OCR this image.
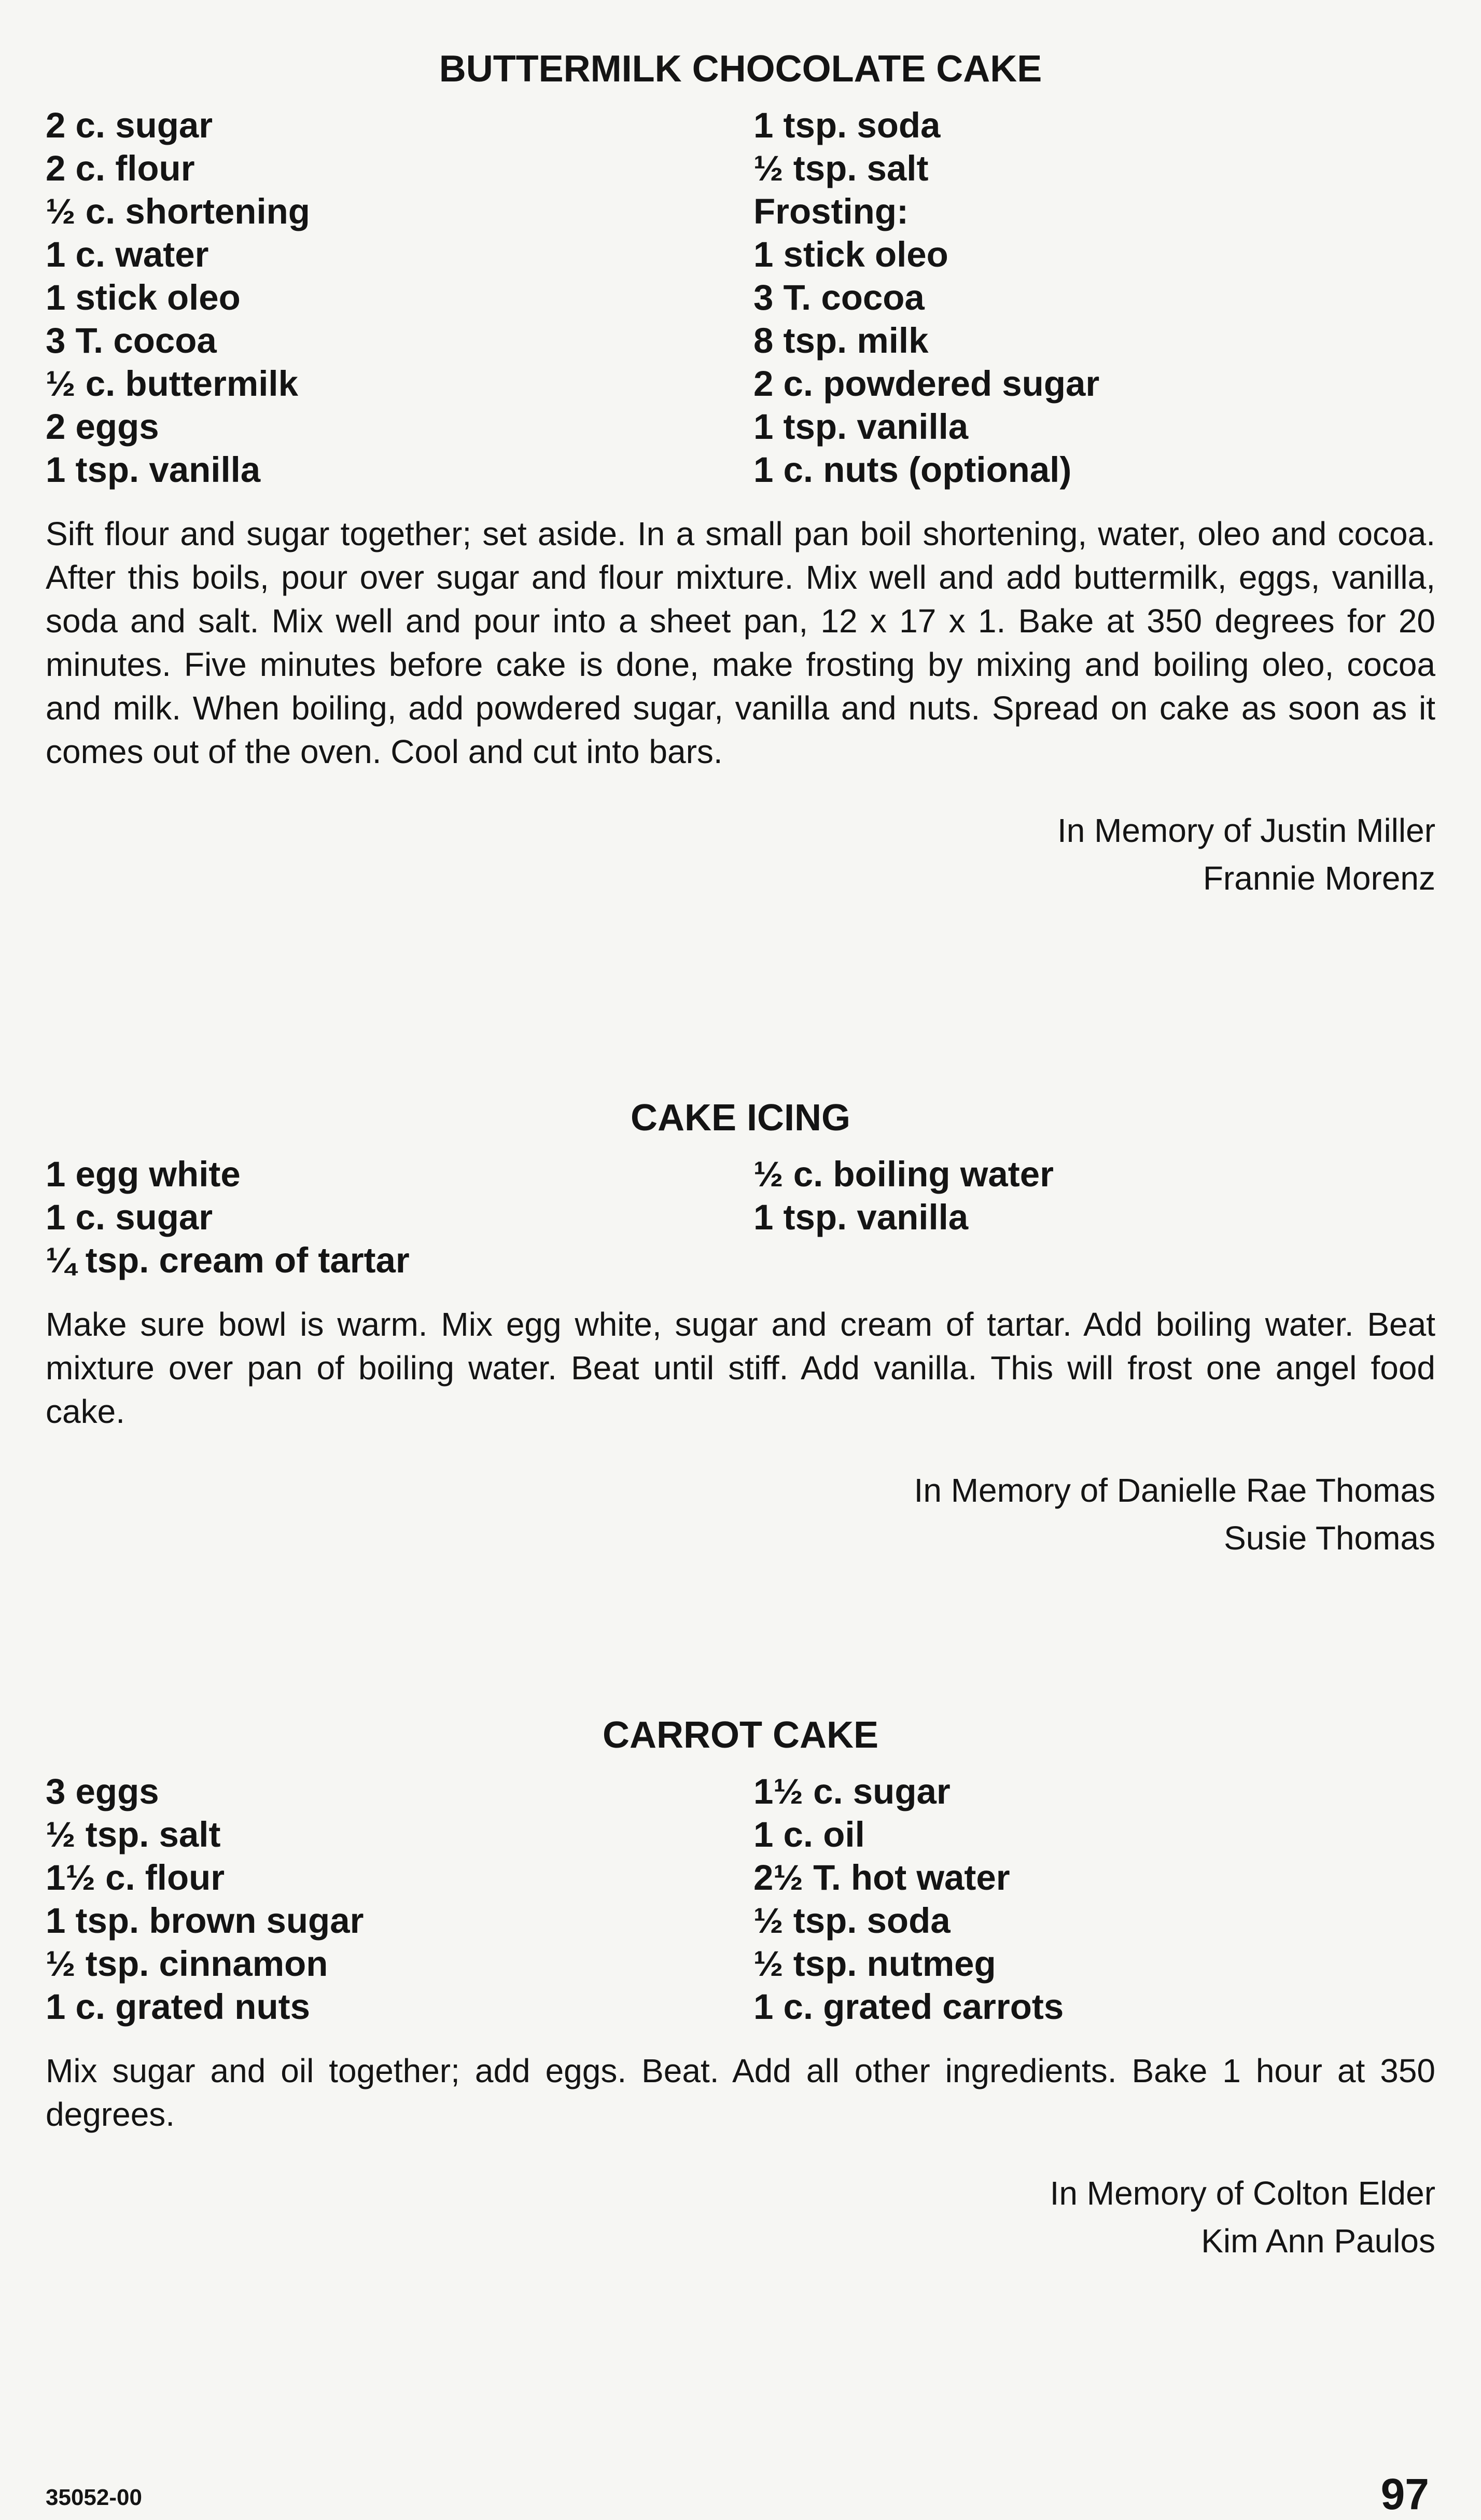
BUTTERMILK CHOCOLATE CAKE
2 c. sugar
2 c. flour
½ c. shortening
1 c. water
1 stick oleo
3 T. cocoa
½ c. buttermilk
2 eggs
1 tsp. vanilla
1 tsp. soda
½ tsp. salt
Frosting:
1 stick oleo
3 T. cocoa
8 tsp. milk
2 c. powdered sugar
1 tsp. vanilla
1 c. nuts (optional)

Sift flour and sugar together; set aside. In a small pan boil shortening, water, oleo and cocoa. After this boils, pour over sugar and flour mixture. Mix well and add buttermilk, eggs, vanilla, soda and salt. Mix well and pour into a sheet pan, 12 x 17 x 1. Bake at 350 degrees for 20 minutes. Five minutes before cake is done, make frosting by mixing and boiling oleo, cocoa and milk. When boiling, add powdered sugar, vanilla and nuts. Spread on cake as soon as it comes out of the oven. Cool and cut into bars.

In Memory of Justin Miller
Frannie Morenz
CAKE ICING
1 egg white
1 c. sugar
¼ tsp. cream of tartar
½ c. boiling water
1 tsp. vanilla

Make sure bowl is warm. Mix egg white, sugar and cream of tartar. Add boiling water. Beat mixture over pan of boiling water. Beat until stiff. Add vanilla. This will frost one angel food cake.

In Memory of Danielle Rae Thomas
Susie Thomas
CARROT CAKE
3 eggs
½ tsp. salt
1½ c. flour
1 tsp. brown sugar
½ tsp. cinnamon
1 c. grated nuts
1½ c. sugar
1 c. oil
2½ T. hot water
½ tsp. soda
½ tsp. nutmeg
1 c. grated carrots

Mix sugar and oil together; add eggs. Beat. Add all other ingredients. Bake 1 hour at 350 degrees.

In Memory of Colton Elder
Kim Ann Paulos
35052-00	97
